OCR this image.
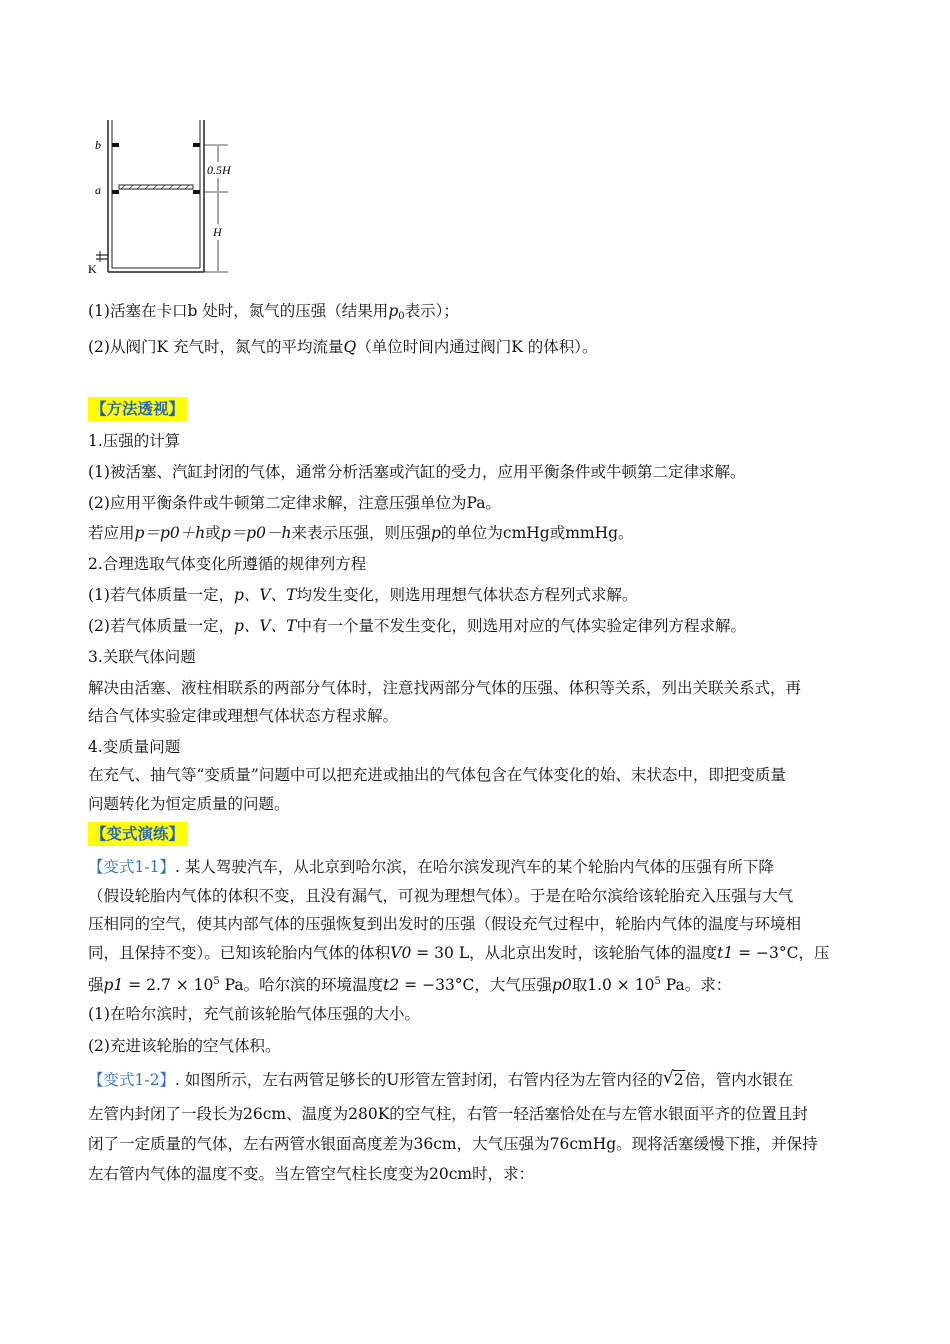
b
a
K
0.5H
H
(1)活塞在卡口b 处时，氮气的压强（结果用$p_0$表示）；
(2)从阀门K 充气时，氮气的平均流量Q（单位时间内通过阀门K 的体积）。
【方法透视】
1.压强的计算
(1)被活塞、汽缸封闭的气体，通常分析活塞或汽缸的受力，应用平衡条件或牛顿第二定律求解。
(2)应用平衡条件或牛顿第二定律求解，注意压强单位为Pa。
若应用p＝p0＋h或p＝p0－h来表示压强，则压强p的单位为cmHg或mmHg。
2.合理选取气体变化所遵循的规律列方程
(1)若气体质量一定，p、V、T均发生变化，则选用理想气体状态方程列式求解。
(2)若气体质量一定，p、V、T中有一个量不发生变化，则选用对应的气体实验定律列方程求解。
3.关联气体问题
解决由活塞、液柱相联系的两部分气体时，注意找两部分气体的压强、体积等关系，列出关联关系式，再
结合气体实验定律或理想气体状态方程求解。
4.变质量问题
在充气、抽气等“变质量”问题中可以把充进或抽出的气体包含在气体变化的始、末状态中，即把变质量
问题转化为恒定质量的问题。
【变式演练】
【变式1-1】. 某人驾驶汽车，从北京到哈尔滨，在哈尔滨发现汽车的某个轮胎内气体的压强有所下降
（假设轮胎内气体的体积不变，且没有漏气，可视为理想气体）。于是在哈尔滨给该轮胎充入压强与大气
压相同的空气，使其内部气体的压强恢复到出发时的压强（假设充气过程中，轮胎内气体的温度与环境相
同，且保持不变）。已知该轮胎内气体的体积V0 = 30 L，从北京出发时，该轮胎气体的温度t1 = −3°C，压
强$p1 = 2.7 \times 10^5$ Pa。哈尔滨的环境温度t2 = −33°C，大气压强p0取$1.0 \times 10^5$ Pa。求：
(1)在哈尔滨时，充气前该轮胎气体压强的大小。
(2)充进该轮胎的空气体积。
【变式1-2】. 如图所示，左右两管足够长的U形管左管封闭，右管内径为左管内径的√ 2倍，管内水银在
左管内封闭了一段长为26cm、温度为280K的空气柱，右管一轻活塞恰处在与左管水银面平齐的位置且封
闭了一定质量的气体，左右两管水银面高度差为36cm，大气压强为76cmHg。现将活塞缓慢下推，并保持
左右管内气体的温度不变。当左管空气柱长度变为20cm时，求：
